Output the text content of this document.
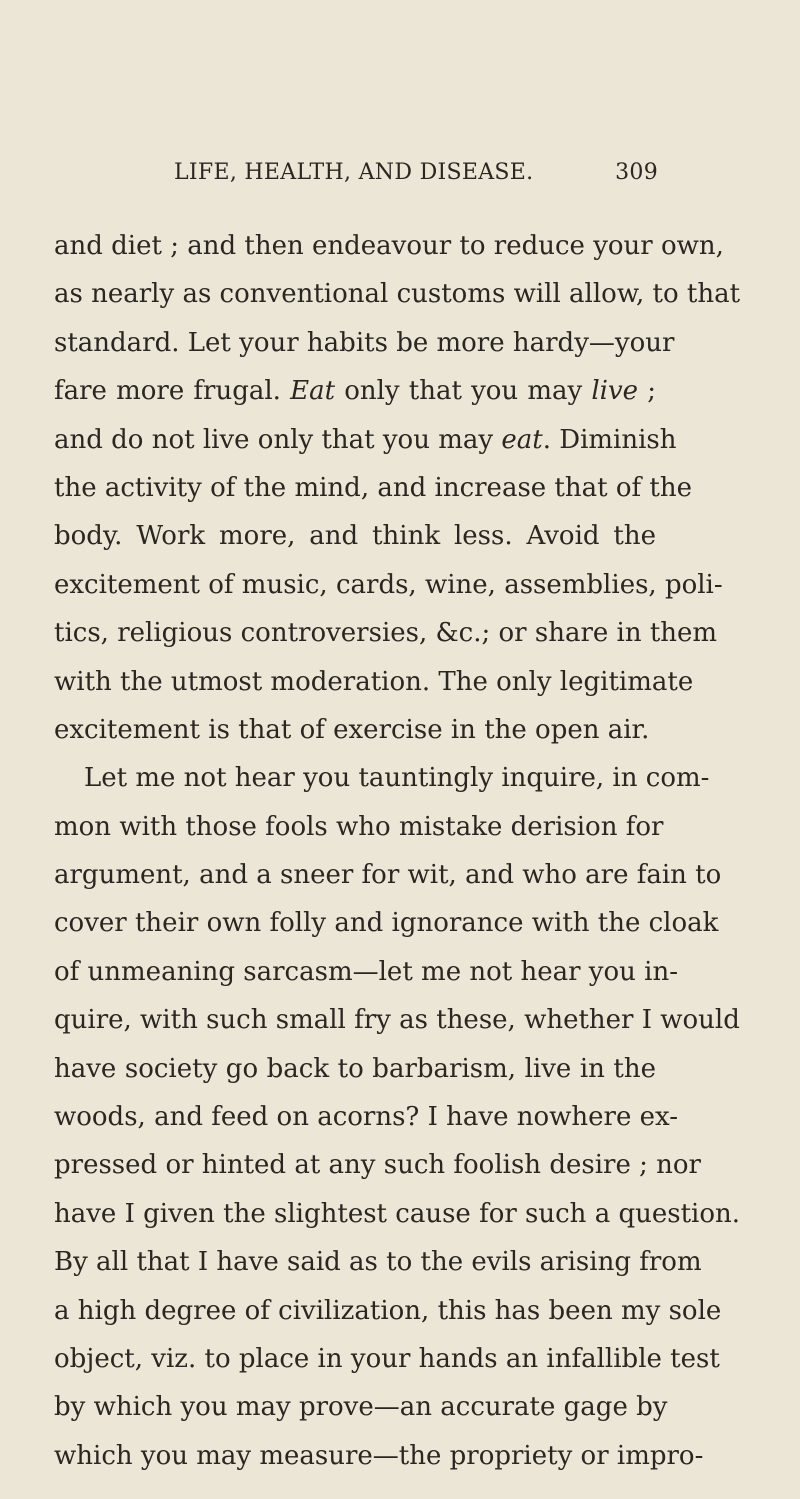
LIFE, HEALTH, AND DISEASE.	309
and diet ; and then endeavour to reduce your own,
as nearly as conventional customs will allow, to that
standard. Let your habits be more hardy—your
fare more frugal. Eat only that you may live ;
and do not live only that you may eat. Diminish
the activity of the mind, and increase that of the
body. Work more, and think less. Avoid the
excitement of music, cards, wine, assemblies, poli-
tics, religious controversies, &c.; or share in them
with the utmost moderation. The only legitimate
excitement is that of exercise in the open air.
Let me not hear you tauntingly inquire, in com-
mon with those fools who mistake derision for
argument, and a sneer for wit, and who are fain to
cover their own folly and ignorance with the cloak
of unmeaning sarcasm—let me not hear you in-
quire, with such small fry as these, whether I would
have society go back to barbarism, live in the
woods, and feed on acorns? I have nowhere ex-
pressed or hinted at any such foolish desire ; nor
have I given the slightest cause for such a question.
By all that I have said as to the evils arising from
a high degree of civilization, this has been my sole
object, viz. to place in your hands an infallible test
by which you may prove—an accurate gage by
which you may measure—the propriety or impro-
